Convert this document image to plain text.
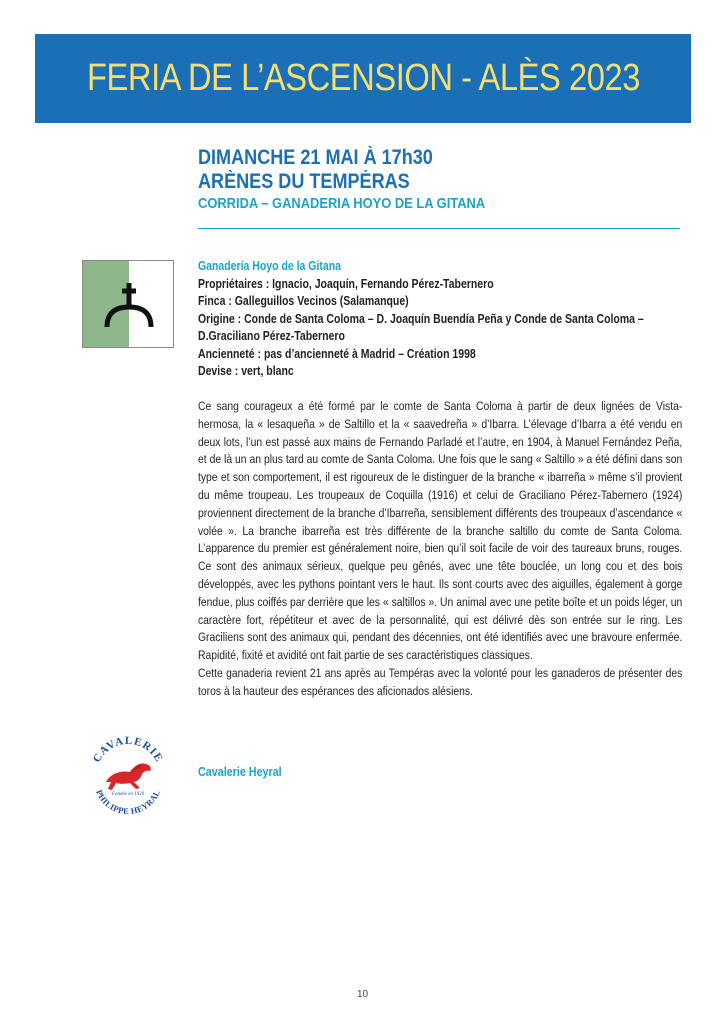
FERIA DE L’ASCENSION - ALÈS 2023
DIMANCHE 21 MAI À 17h30
ARÈNES DU TEMPÉRAS
CORRIDA – GANADERIA HOYO DE LA GITANA
Ganadería Hoyo de la Gitana
Propriétaires : Ignacio, Joaquín, Fernando Pérez-Tabernero
Finca : Galleguillos Vecinos (Salamanque)
Origine : Conde de Santa Coloma – D. Joaquín Buendía Peña y Conde de Santa Coloma –
D.Graciliano Pérez-Tabernero
Ancienneté : pas d’ancienneté à Madrid – Création 1998
Devise : vert, blanc

Ce sang courageux a été formé par le comte de Santa Coloma à partir de deux lignées de Vista-hermosa, la « lesaqueña » de Saltillo et la « saavedreña » d’Ibarra. L’élevage d’Ibarra a été vendu en deux lots, l’un est passé aux mains de Fernando Parladé et l’autre, en 1904, à Manuel Fernández Peña, et de là un an plus tard au comte de Santa Coloma. Une fois que le sang « Saltillo » a été défini dans son type et son comportement, il est rigoureux de le distinguer de la branche « ibarreña » même s’il provient du même troupeau. Les troupeaux de Coquilla (1916) et celui de Graciliano Pérez-Tabernero (1924) proviennent directement de la branche d’Ibarreña, sensiblement différents des troupeaux d’ascendance « volée ». La branche ibarreña est très différente de la branche saltillo du comte de Santa Coloma. L’apparence du premier est généralement noire, bien qu’il soit facile de voir des taureaux bruns, rouges. Ce sont des animaux sérieux, quelque peu gênés, avec une tête bouclée, un long cou et des bois développés, avec les pythons pointant vers le haut. Ils sont courts avec des aiguilles, également à gorge fendue, plus coiffés par derrière que les « saltillos ». Un animal avec une petite boîte et un poids léger, un caractère fort, répétiteur et avec de la personnalité, qui est délivré dès son entrée sur le ring. Les Graciliens sont des animaux qui, pendant des décennies, ont été identifiés avec une bravoure enfermée. Rapidité, fixité et avidité ont fait partie de ses caractéristiques classiques.

Cette ganaderia revient 21 ans après au Tempéras avec la volonté pour les ganaderos de présenter des toros à la hauteur des espérances des aficionados alésiens.

CAVALERIE
PHILIPPE HEYRAL
Fondée en 1920
Cavalerie Heyral
10
